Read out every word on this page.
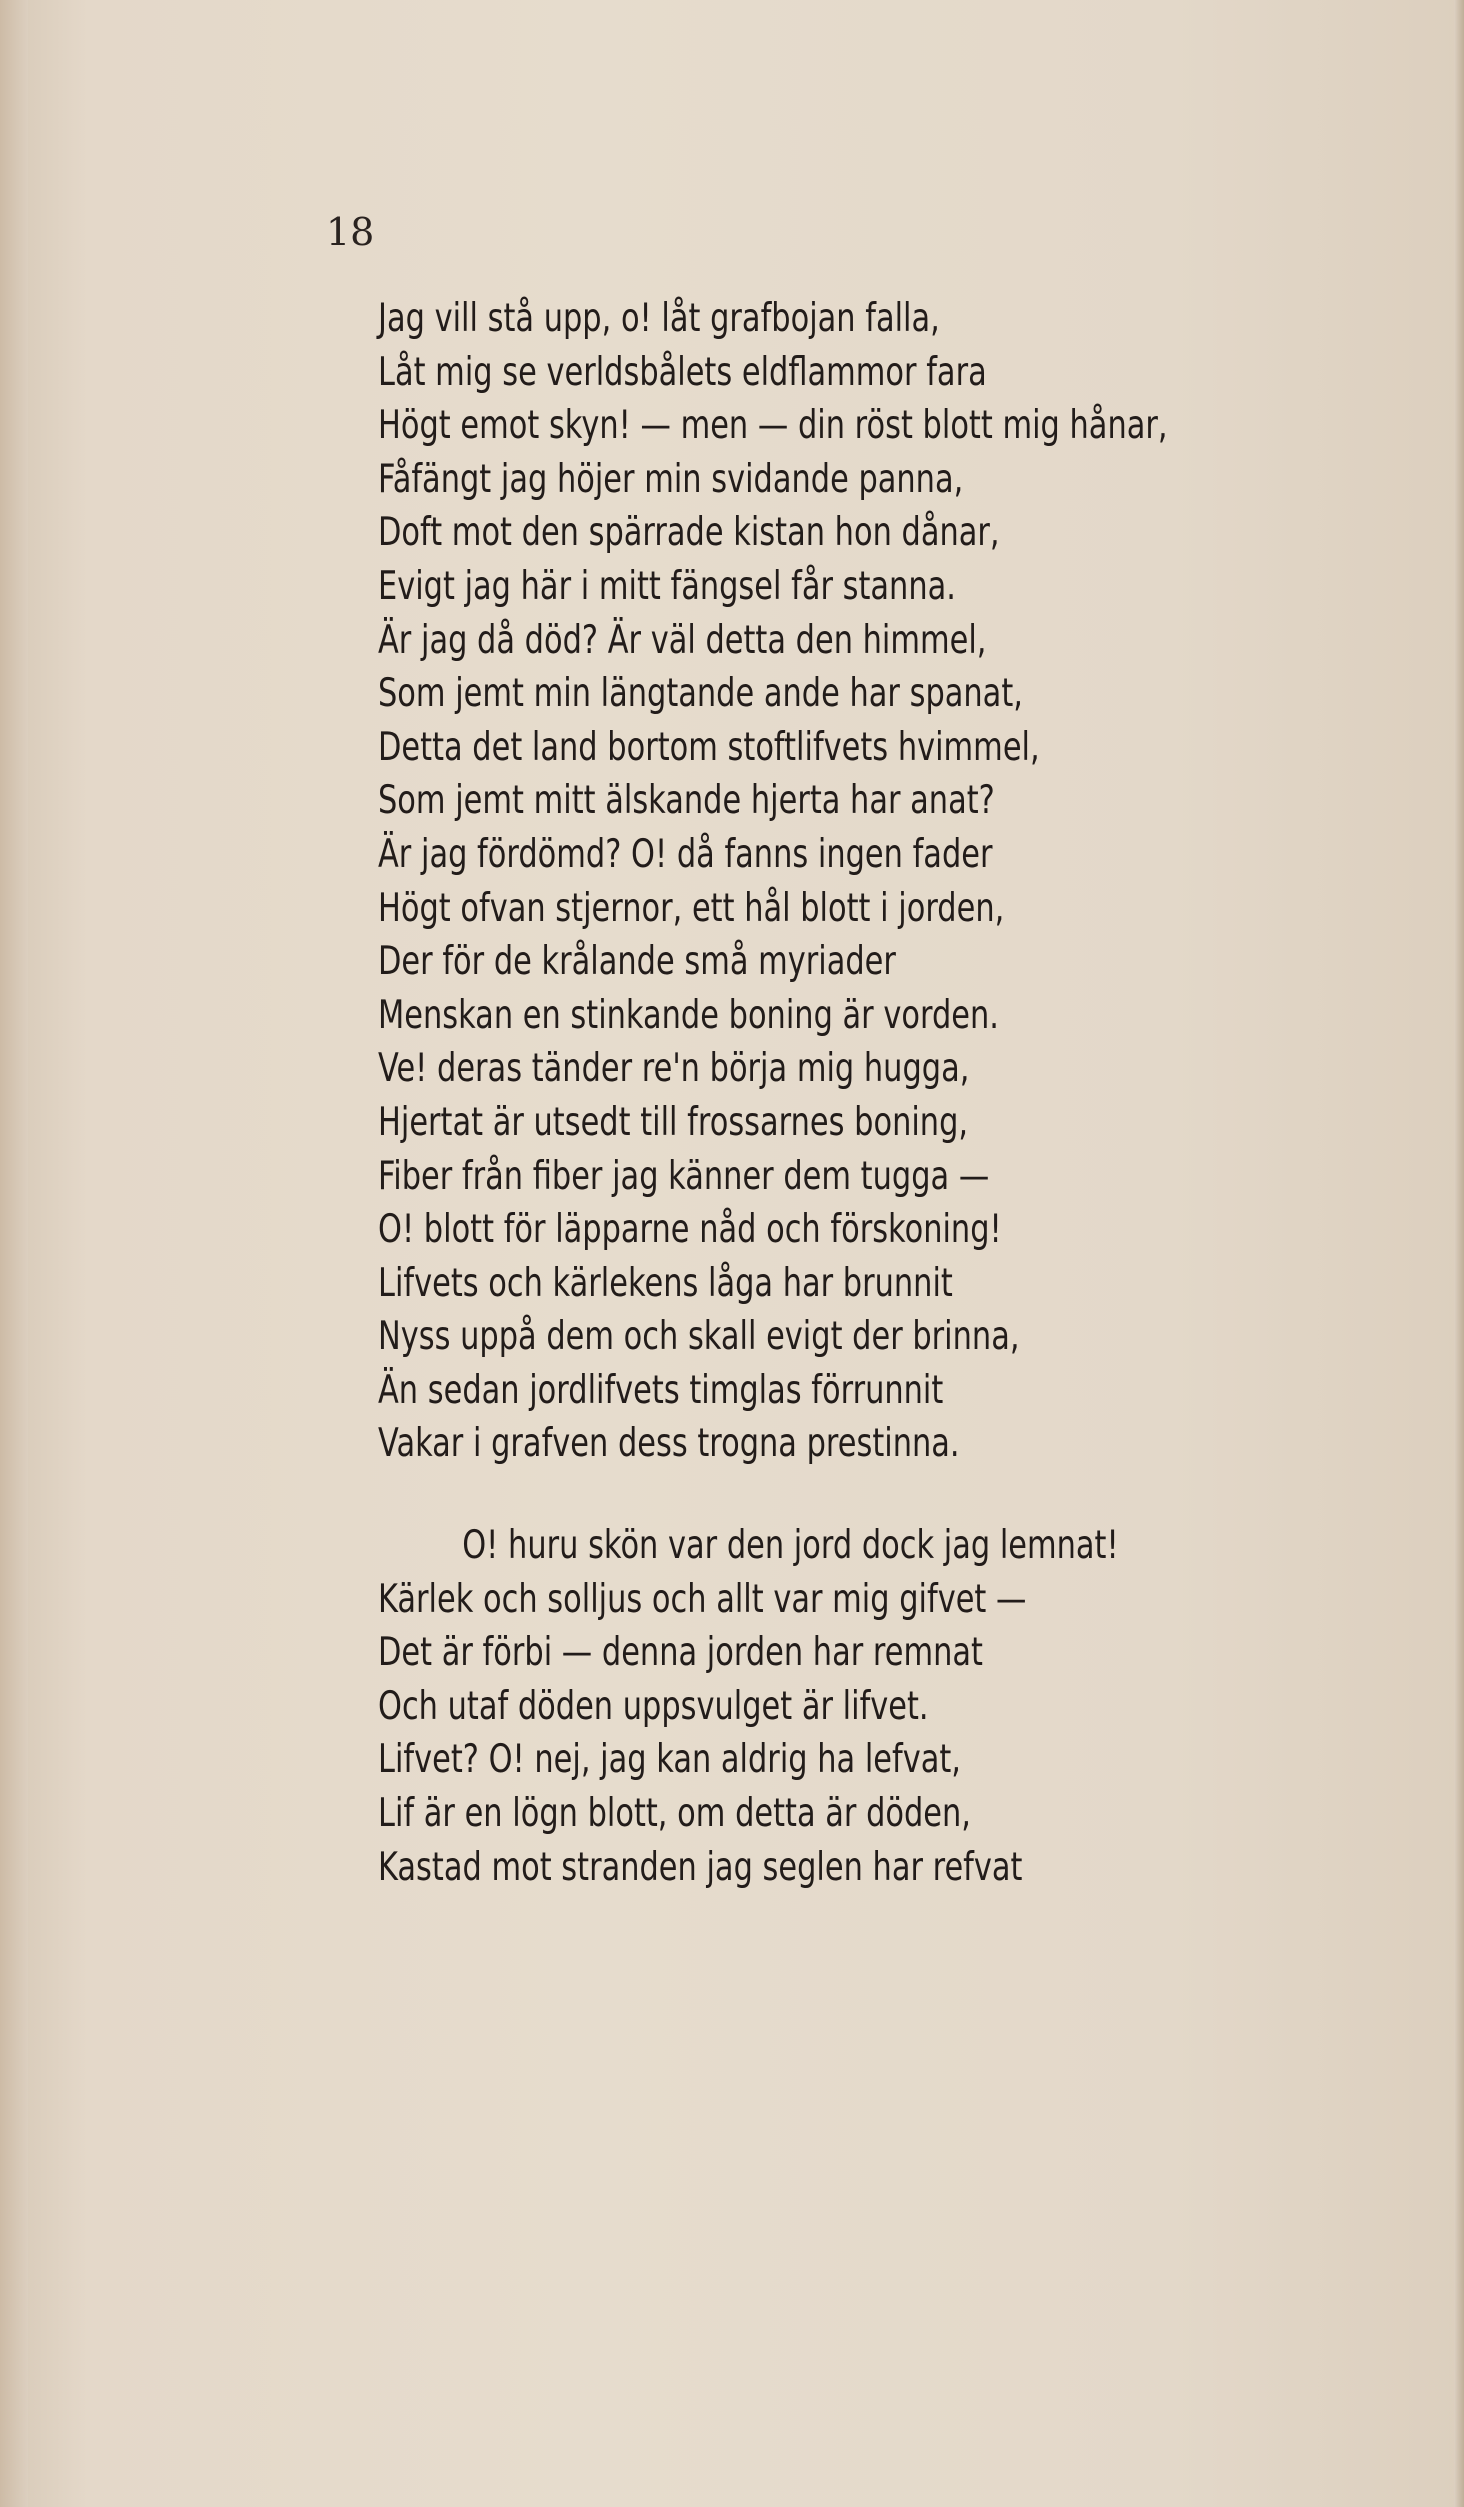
18
Jag vill stå upp, o! låt grafbojan falla,
Låt mig se verldsbålets eldflammor fara
Högt emot skyn! — men — din röst blott mig hånar,
Fåfängt jag höjer min svidande panna,
Doft mot den spärrade kistan hon dånar,
Evigt jag här i mitt fängsel får stanna.
Är jag då död? Är väl detta den himmel,
Som jemt min längtande ande har spanat,
Detta det land bortom stoftlifvets hvimmel,
Som jemt mitt älskande hjerta har anat?
Är jag fördömd? O! då fanns ingen fader
Högt ofvan stjernor, ett hål blott i jorden,
Der för de krålande små myriader
Menskan en stinkande boning är vorden.
Ve! deras tänder re'n börja mig hugga,
Hjertat är utsedt till frossarnes boning,
Fiber från fiber jag känner dem tugga —
O! blott för läpparne nåd och förskoning!
Lifvets och kärlekens låga har brunnit
Nyss uppå dem och skall evigt der brinna,
Än sedan jordlifvets timglas förrunnit
Vakar i grafven dess trogna prestinna.
O! huru skön var den jord dock jag lemnat!
Kärlek och solljus och allt var mig gifvet —
Det är förbi — denna jorden har remnat
Och utaf döden uppsvulget är lifvet.
Lifvet? O! nej, jag kan aldrig ha lefvat,
Lif är en lögn blott, om detta är döden,
Kastad mot stranden jag seglen har refvat
